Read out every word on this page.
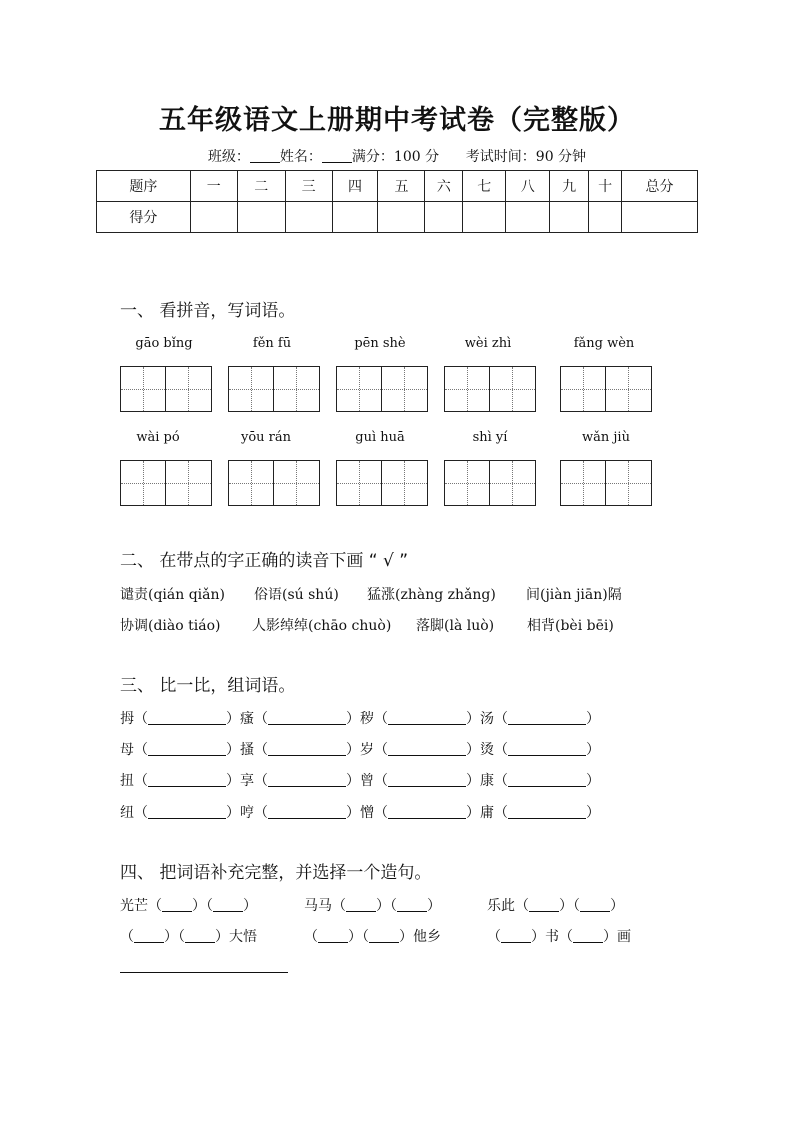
五年级语文上册期中考试卷（完整版）
班级： 姓名： 满分：100 分 考试时间：90 分钟
题序	一	二	三	四	五	六	七	八	九	十	总分
得分											
一、 看拼音，写词语。
gāo bǐng	fěn fū	pēn shè	wèi zhì	fǎng wèn
wài pó	yōu rán	guì huā	shì yí	wǎn jiù
二、 在带点的字正确的读音下画 “ √ ”
谴责(qián qiǎn) 俗语(sú shú) 猛涨(zhàng zhǎng) 间(jiàn jiān)隔
协调(diào tiáo) 人影绰绰(chāo chuò) 落脚(là luò) 相背(bèi bēi)
三、 比一比，组词语。
拇（	）瘙（	）秽（	）汤（	）
母（	）搔（	）岁（	）烫（	）
扭（	）享（	）曾（	）康（	）
纽（	）哼（	）憎（	）庸（	）
四、 把词语补充完整，并选择一个造句。
光芒（ ）（ ）	马马（ ）（ ）	乐此（ ）（ ）
（ ）（ ）大悟	（ ）（ ）他乡	（ ）书（ ）画
